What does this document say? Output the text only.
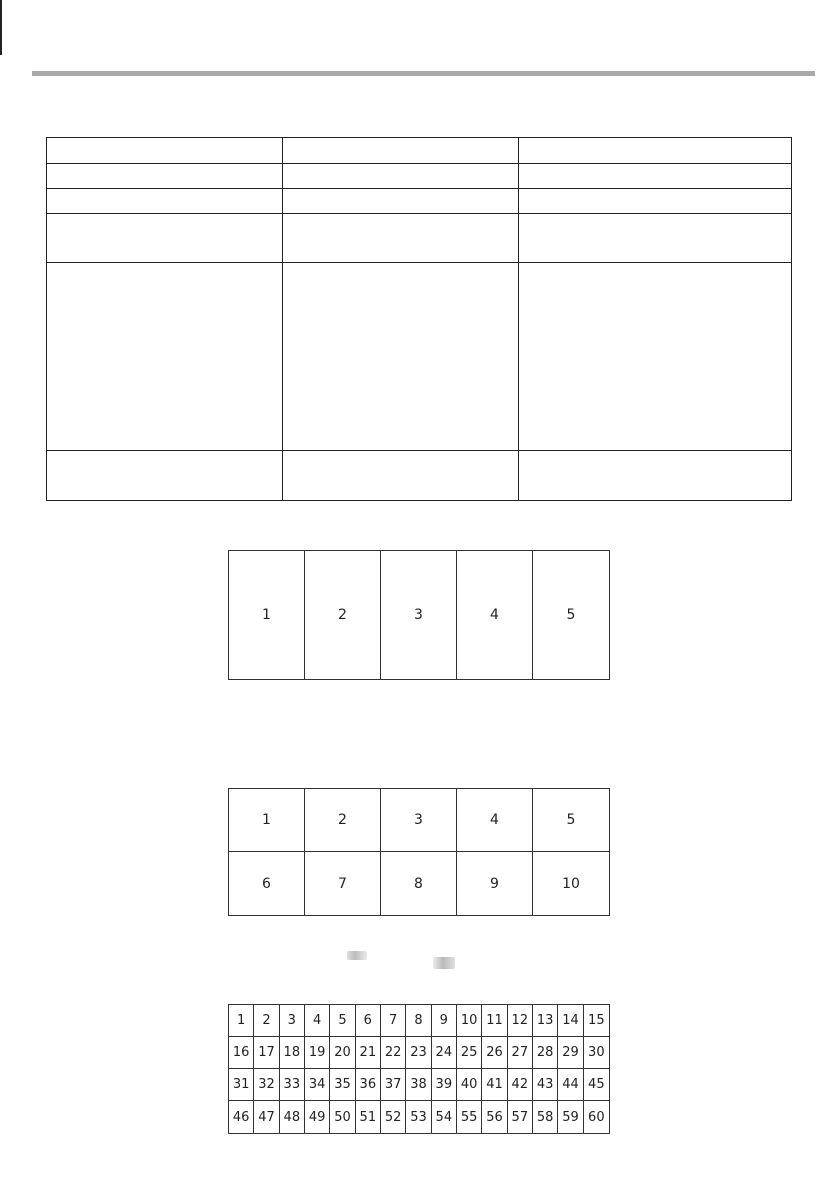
1	2	3	4	5
1	2	3	4	5
6	7	8	9	10
1	2	3	4	5	6	7	8	9 10 11 12 13 14 15
16 17 18 19 20 21 22 23 24 25 26 27 28 29 30
31 32 33 34 35 36 37 38 39 40 41 42 43 44 45
46 47 48 49 50 51 52 53 54 55 56 57 58 59 60
